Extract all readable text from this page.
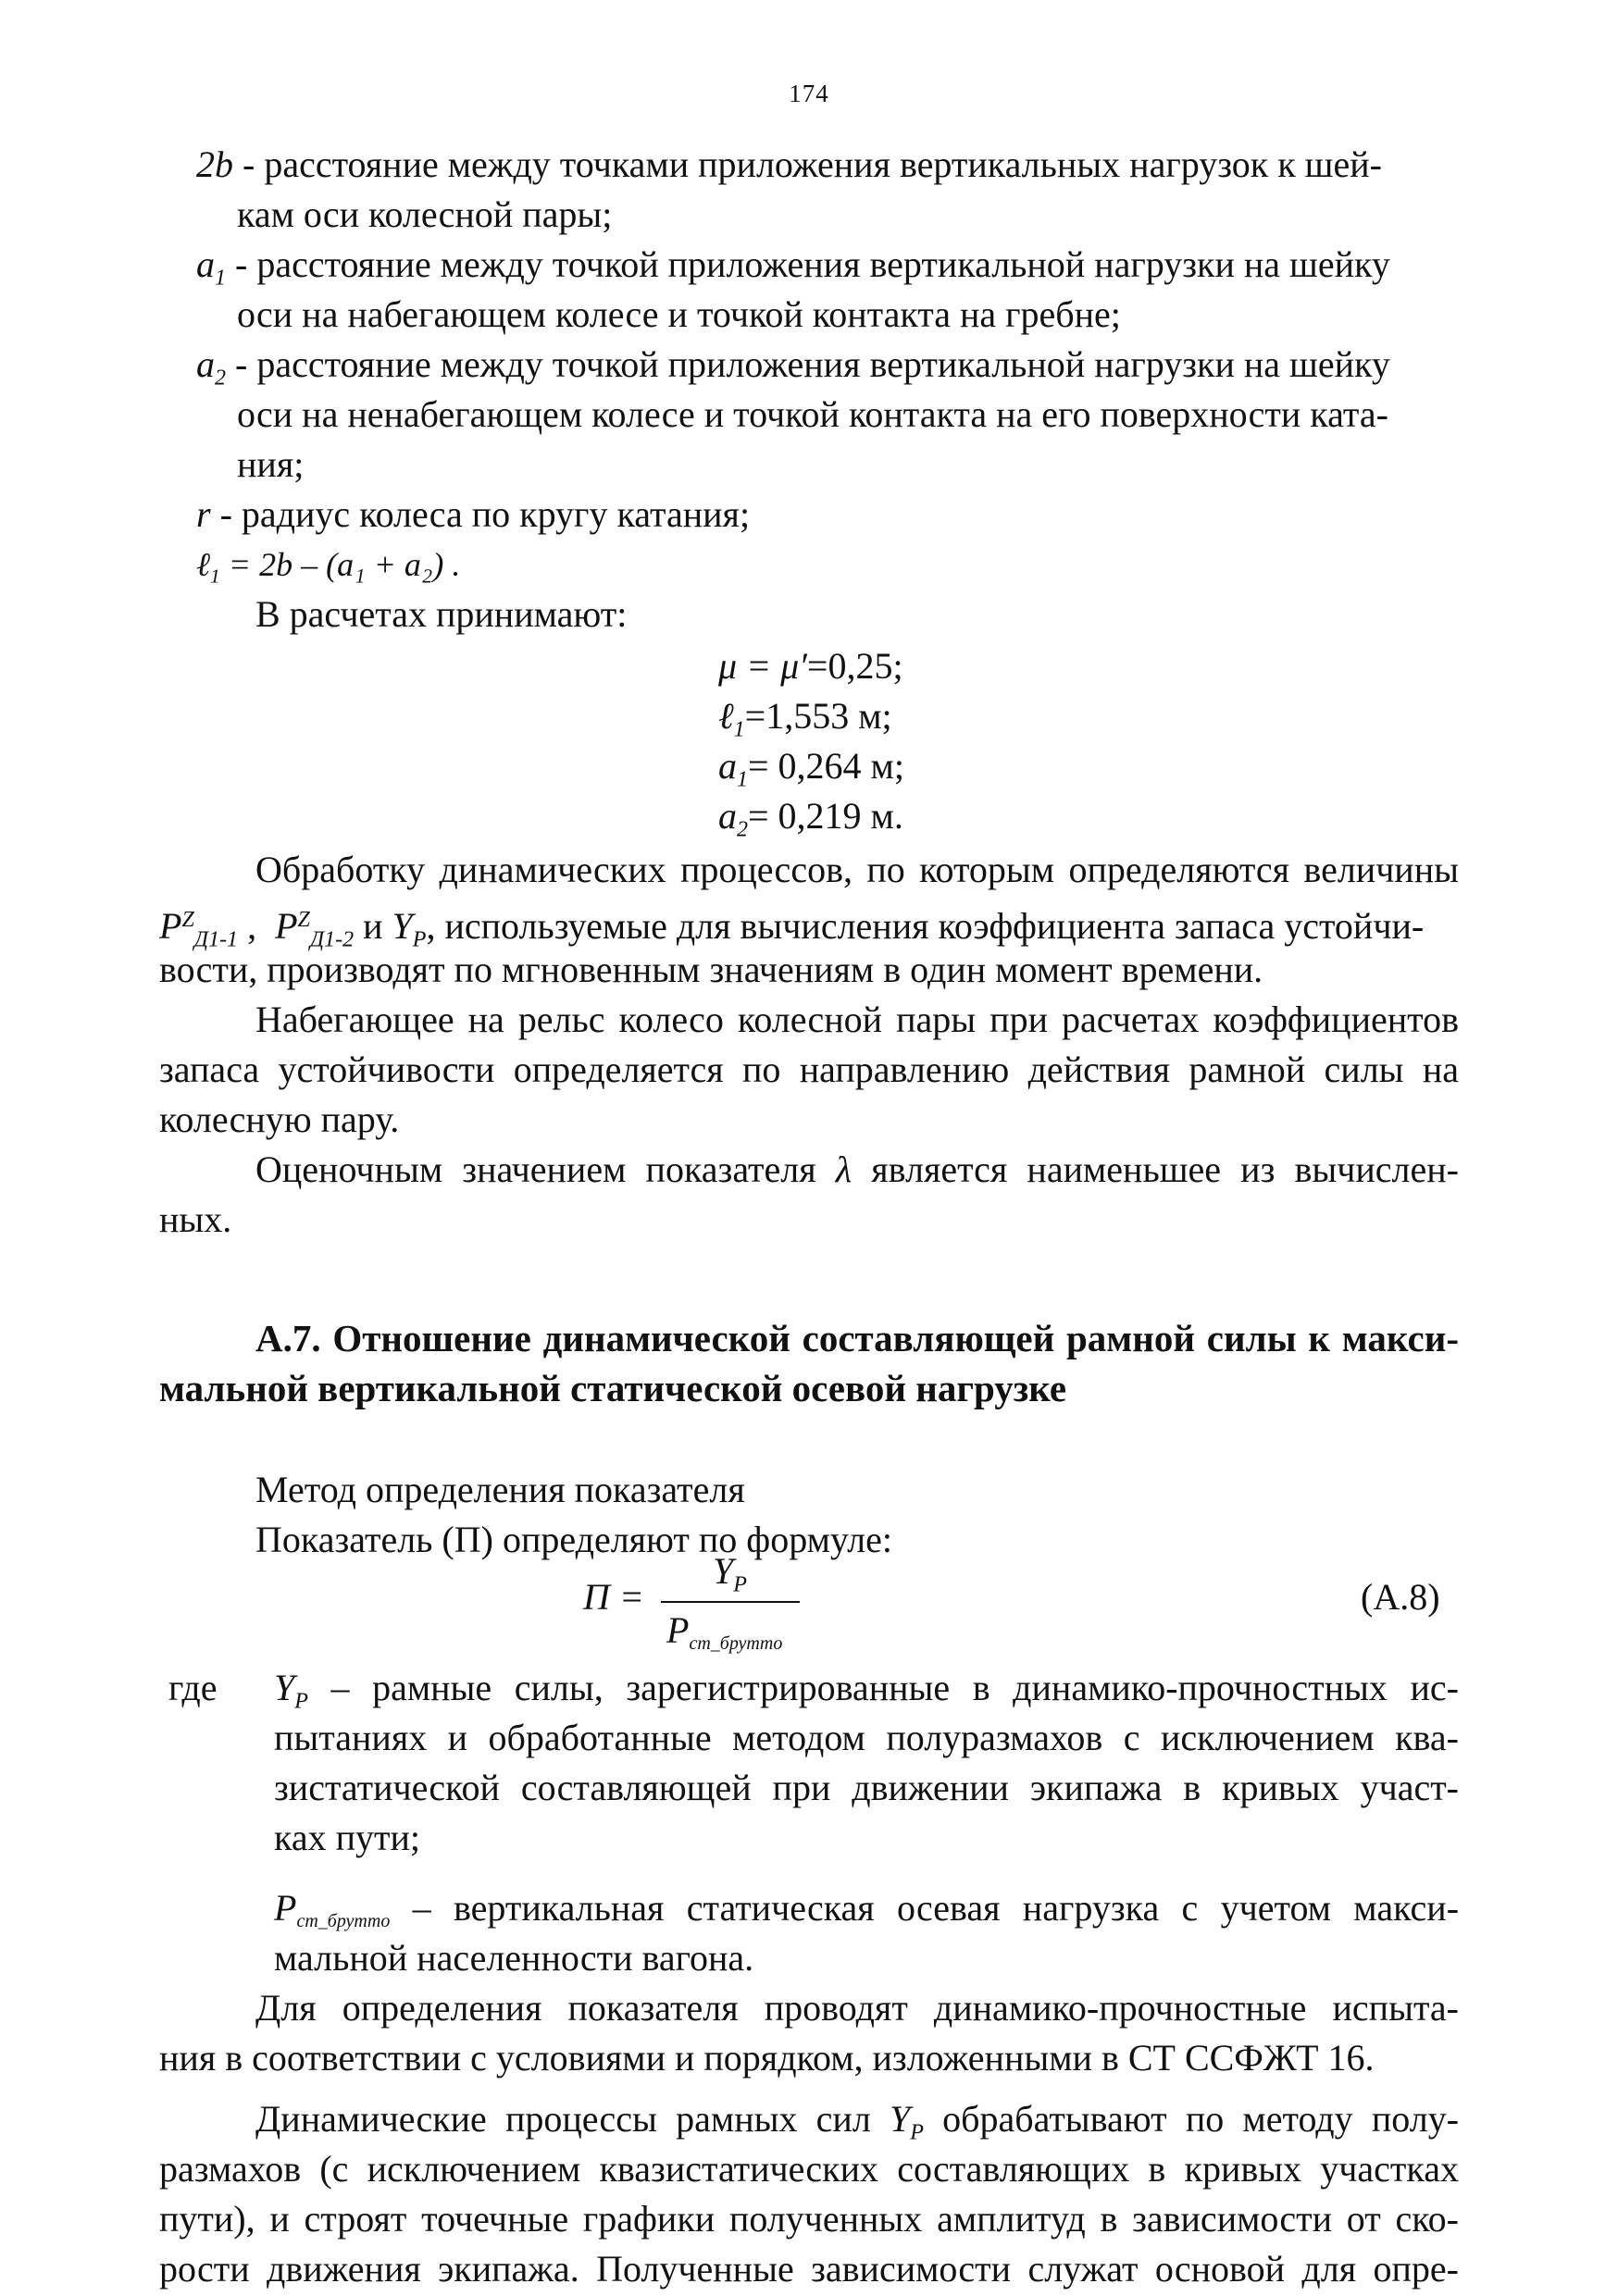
174
2b - расстояние между точками приложения вертикальных нагрузок к шей-
кам оси колесной пары;
$a_1$ - расстояние между точкой приложения вертикальной нагрузки на шейку
оси на набегающем колесе и точкой контакта на гребне;
$a_2$ - расстояние между точкой приложения вертикальной нагрузки на шейку
оси на ненабегающем колесе и точкой контакта на его поверхности ката-
ния;
r - радиус колеса по кругу катания;
ℓ$_1$ = 2b – (a₁ + a₂) .
В расчетах принимают:
μ = μ′=0,25;
ℓ$_1$=1,553 м;
$a_1= 0,264$ м;
$a_2= 0,219$ м.
Обработку динамических процессов, по которым определяются величины
$P^Z_{Д1-1}$ ,  $P^Z_{Д1-2}$ и $Y_P$, используемые для вычисления коэффициента запаса устойчи-
вости, производят по мгновенным значениям в один момент времени.
Набегающее на рельс колесо колесной пары при расчетах коэффициентов
запаса устойчивости определяется по направлению действия рамной силы на
колесную пару.
Оценочным значением показателя λ является наименьшее из вычислен-
ных.
А.7. Отношение динамической составляющей рамной силы к макси-
мальной вертикальной статической осевой нагрузке
Метод определения показателя
Показатель (П) определяют по формуле:
П =
$Y_P$
$P_{ст\_брутто}$
(А.8)
где $Y_P$ – рамные силы, зарегистрированные в динамико-прочностных ис-
пытаниях и обработанные методом полуразмахов с исключением ква-
зистатической составляющей при движении экипажа в кривых участ-
ках пути;
$P_{ст\_брутто}$ – вертикальная статическая осевая нагрузка с учетом макси-
мальной населенности вагона.
Для определения показателя проводят динамико-прочностные испыта-
ния в соответствии с условиями и порядком, изложенными в СТ ССФЖТ 16.
Динамические процессы рамных сил $Y_P$ обрабатывают по методу полу-
размахов (с исключением квазистатических составляющих в кривых участках
пути), и строят точечные графики полученных амплитуд в зависимости от ско-
рости движения экипажа. Полученные зависимости служат основой для опре-
